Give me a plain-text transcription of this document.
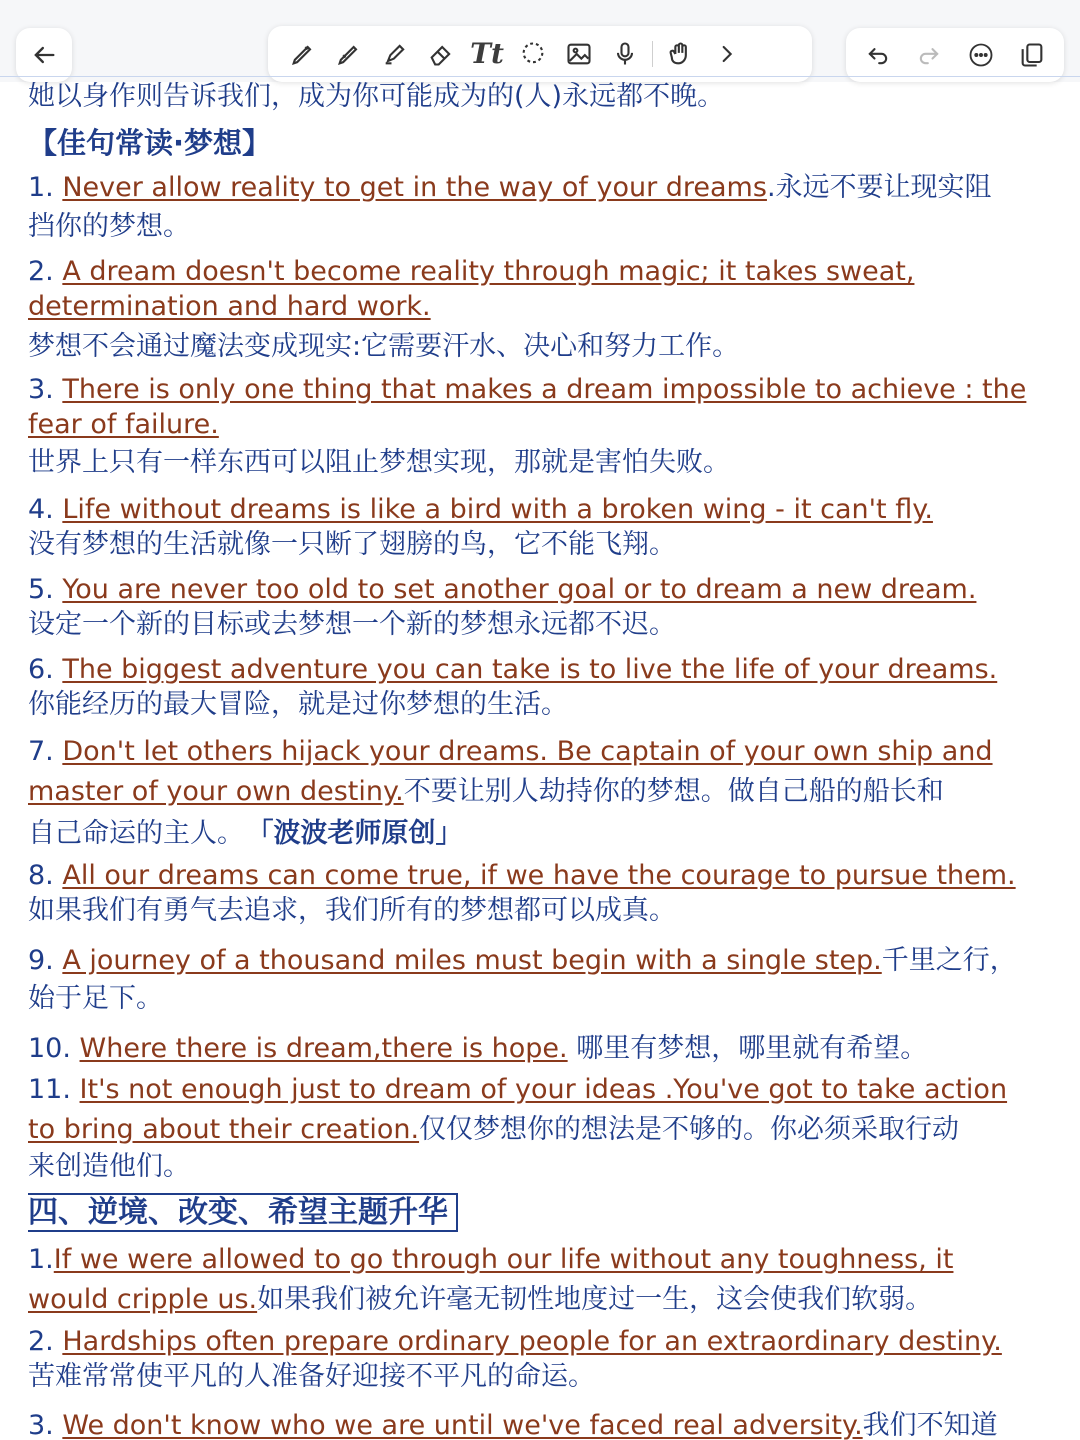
Tt
她以身作则告诉我们，成为你可能成为的(人)永远都不晚。
【佳句常读·梦想】
1. Never allow reality to get in the way of your dreams.永远不要让现实阻
挡你的梦想。
2. A dream doesn't become reality through magic; it takes sweat,
determination and hard work.
梦想不会通过魔法变成现实:它需要汗水、决心和努力工作。
3. There is only one thing that makes a dream impossible to achieve : the
fear of failure.
世界上只有一样东西可以阻止梦想实现，那就是害怕失败。
4. Life without dreams is like a bird with a broken wing - it can't fly.
没有梦想的生活就像一只断了翅膀的鸟，它不能飞翔。
5. You are never too old to set another goal or to dream a new dream.
设定一个新的目标或去梦想一个新的梦想永远都不迟。
6. The biggest adventure you can take is to live the life of your dreams.
你能经历的最大冒险，就是过你梦想的生活。
7. Don't let others hijack your dreams. Be captain of your own ship and
master of your own destiny.不要让别人劫持你的梦想。做自己船的船长和
自己命运的主人。 「波波老师原创」
8. All our dreams can come true, if we have the courage to pursue them.
如果我们有勇气去追求，我们所有的梦想都可以成真。
9. A journey of a thousand miles must begin with a single step.千里之行，
始于足下。
10. Where there is dream,there is hope. 哪里有梦想，哪里就有希望。
11. It's not enough just to dream of your ideas .You've got to take action
to bring about their creation.仅仅梦想你的想法是不够的。你必须采取行动
来创造他们。
四、逆境、改变、希望主题升华
1.If we were allowed to go through our life without any toughness, it
would cripple us.如果我们被允许毫无韧性地度过一生，这会使我们软弱。
2. Hardships often prepare ordinary people for an extraordinary destiny.
苦难常常使平凡的人准备好迎接不平凡的命运。
3. We don't know who we are until we've faced real adversity.我们不知道
